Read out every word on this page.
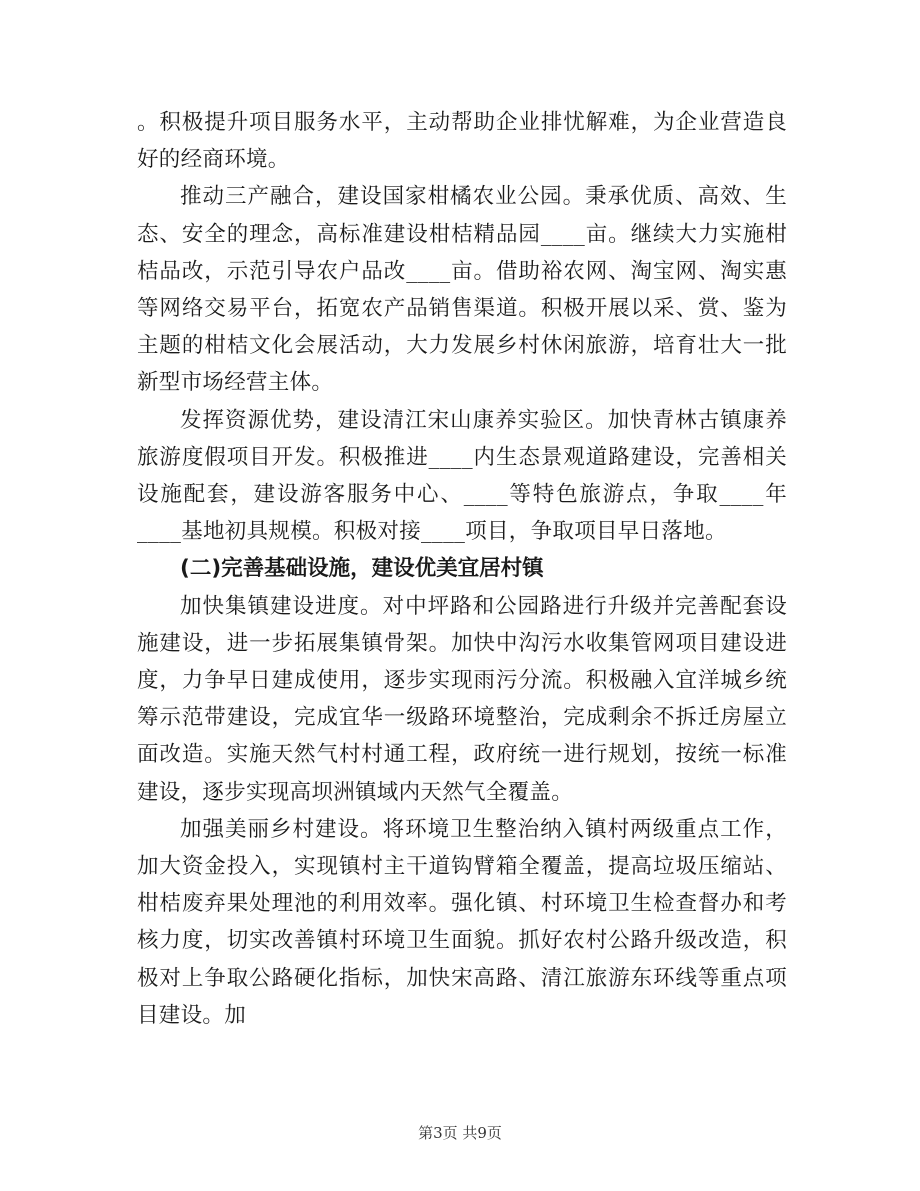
。积极提升项目服务水平，主动帮助企业排忧解难，为企业营造良好的经商环境。

推动三产融合，建设国家柑橘农业公园。秉承优质、高效、生态、安全的理念，高标准建设柑桔精品园____亩。继续大力实施柑桔品改，示范引导农户品改____亩。借助裕农网、淘宝网、淘实惠等网络交易平台，拓宽农产品销售渠道。积极开展以采、赏、鉴为主题的柑桔文化会展活动，大力发展乡村休闲旅游，培育壮大一批新型市场经营主体。

发挥资源优势，建设清江宋山康养实验区。加快青林古镇康养旅游度假项目开发。积极推进____内生态景观道路建设，完善相关设施配套，建设游客服务中心、____等特色旅游点，争取____年____基地初具规模。积极对接____项目，争取项目早日落地。

(二)完善基础设施，建设优美宜居村镇

加快集镇建设进度。对中坪路和公园路进行升级并完善配套设施建设，进一步拓展集镇骨架。加快中沟污水收集管网项目建设进度，力争早日建成使用，逐步实现雨污分流。积极融入宜洋城乡统筹示范带建设，完成宜华一级路环境整治，完成剩余不拆迁房屋立面改造。实施天然气村村通工程，政府统一进行规划，按统一标准建设，逐步实现高坝洲镇域内天然气全覆盖。

加强美丽乡村建设。将环境卫生整治纳入镇村两级重点工作，加大资金投入，实现镇村主干道钩臂箱全覆盖，提高垃圾压缩站、柑桔废弃果处理池的利用效率。强化镇、村环境卫生检查督办和考核力度，切实改善镇村环境卫生面貌。抓好农村公路升级改造，积极对上争取公路硬化指标，加快宋高路、清江旅游东环线等重点项目建设。加

第3页 共9页
